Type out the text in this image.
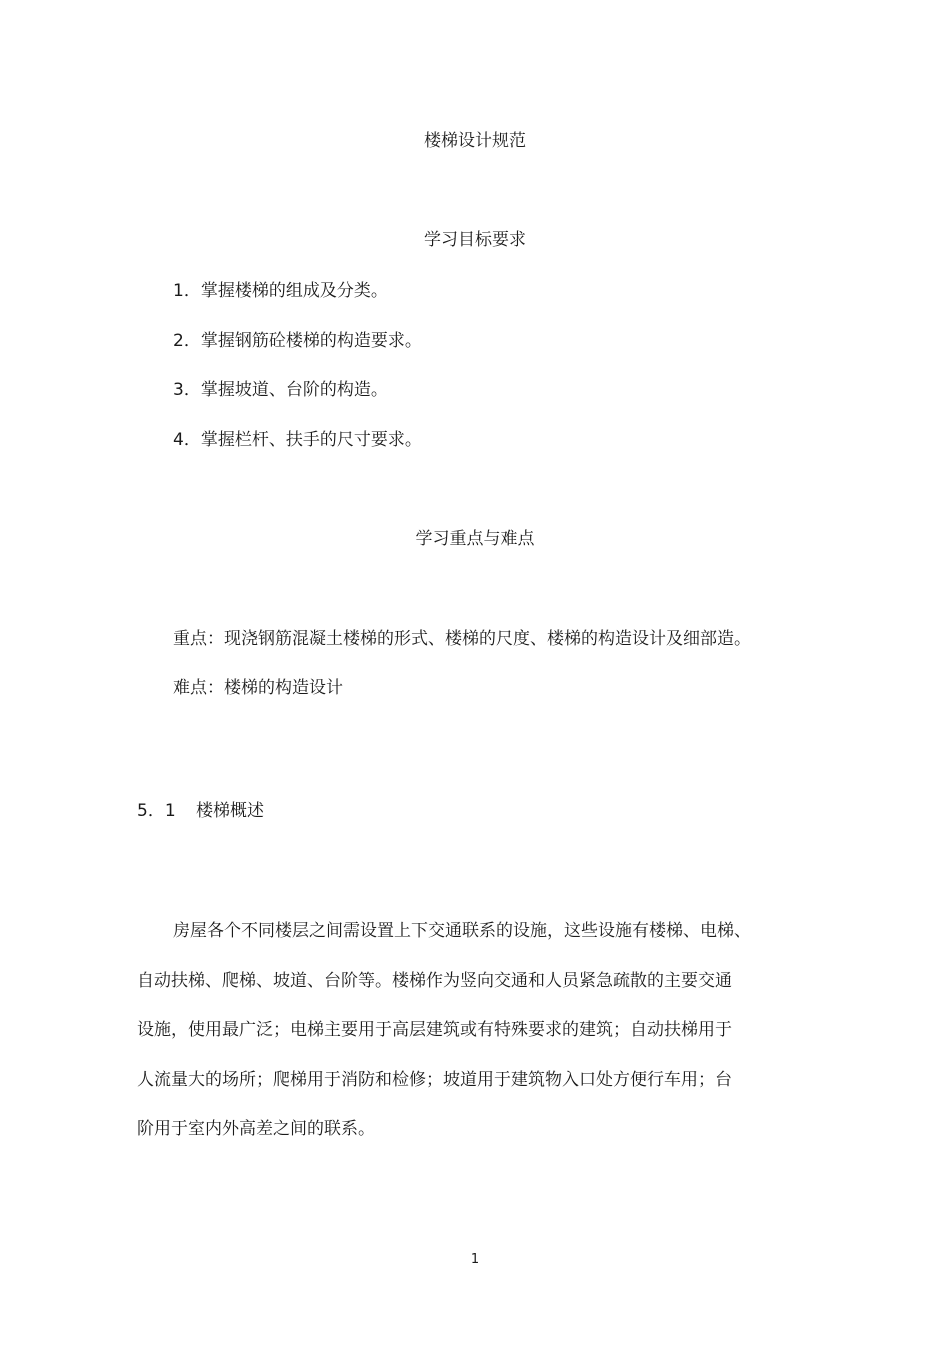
楼梯设计规范
学习目标要求
1．掌握楼梯的组成及分类。
2．掌握钢筋砼楼梯的构造要求。
3．掌握坡道、台阶的构造。
4．掌握栏杆、扶手的尺寸要求。
学习重点与难点
重点：现浇钢筋混凝土楼梯的形式、楼梯的尺度、楼梯的构造设计及细部造。
难点：楼梯的构造设计
5．1 楼梯概述
房屋各个不同楼层之间需设置上下交通联系的设施，这些设施有楼梯、电梯、
自动扶梯、爬梯、坡道、台阶等。楼梯作为竖向交通和人员紧急疏散的主要交通
设施，使用最广泛；电梯主要用于高层建筑或有特殊要求的建筑；自动扶梯用于
人流量大的场所；爬梯用于消防和检修；坡道用于建筑物入口处方便行车用；台
阶用于室内外高差之间的联系。
1
